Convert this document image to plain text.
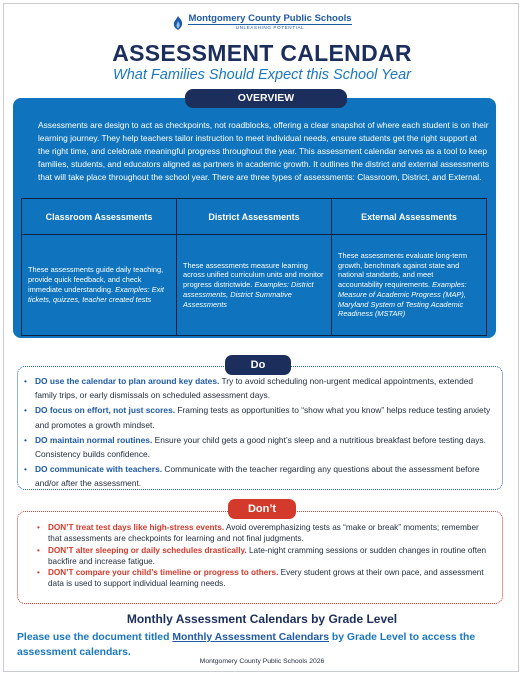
Montgomery County Public Schools
UNLEASHING POTENTIAL
ASSESSMENT CALENDAR
What Families Should Expect this School Year
OVERVIEW

Assessments are design to act as checkpoints, not roadblocks, offering a clear snapshot of where each student is on their learning journey. They help teachers tailor instruction to meet individual needs, ensure students get the right support at the right time, and celebrate meaningful progress throughout the year. This assessment calendar serves as a tool to keep families, students, and educators aligned as partners in academic growth. It outlines the district and external assessments that will take place throughout the school year. There are three types of assessments: Classroom, District, and External.

Classroom Assessments	District Assessments	External Assessments
These assessments guide daily teaching, provide quick feedback, and check immediate understanding. Examples: Exit tickets, quizzes, teacher created tests	These assessments measure learning across unified curriculum units and monitor progress districtwide. Examples: District assessments, District Summative Assessments	These assessments evaluate long-term growth, benchmark against state and national standards, and meet accountability requirements. Examples: Measure of Academic Progress (MAP), Maryland System of Testing Academic Readiness (MSTAR)
Do
• DO use the calendar to plan around key dates. Try to avoid scheduling non-urgent medical appointments, extended family trips, or early dismissals on scheduled assessment days.
• DO focus on effort, not just scores. Framing tests as opportunities to “show what you know” helps reduce testing anxiety and promotes a growth mindset.
• DO maintain normal routines. Ensure your child gets a good night’s sleep and a nutritious breakfast before testing days. Consistency builds confidence.
• DO communicate with teachers. Communicate with the teacher regarding any questions about the assessment before and/or after the assessment.
Don’t
• DON’T treat test days like high-stress events. Avoid overemphasizing tests as “make or break” moments; remember that assessments are checkpoints for learning and not final judgments.
• DON’T alter sleeping or daily schedules drastically. Late-night cramming sessions or sudden changes in routine often backfire and increase fatigue.
• DON’T compare your child’s timeline or progress to others. Every student grows at their own pace, and assessment data is used to support individual learning needs.
Monthly Assessment Calendars by Grade Level

Please use the document titled Monthly Assessment Calendars by Grade Level to access the assessment calendars.

Montgomery County Public Schools 2026
